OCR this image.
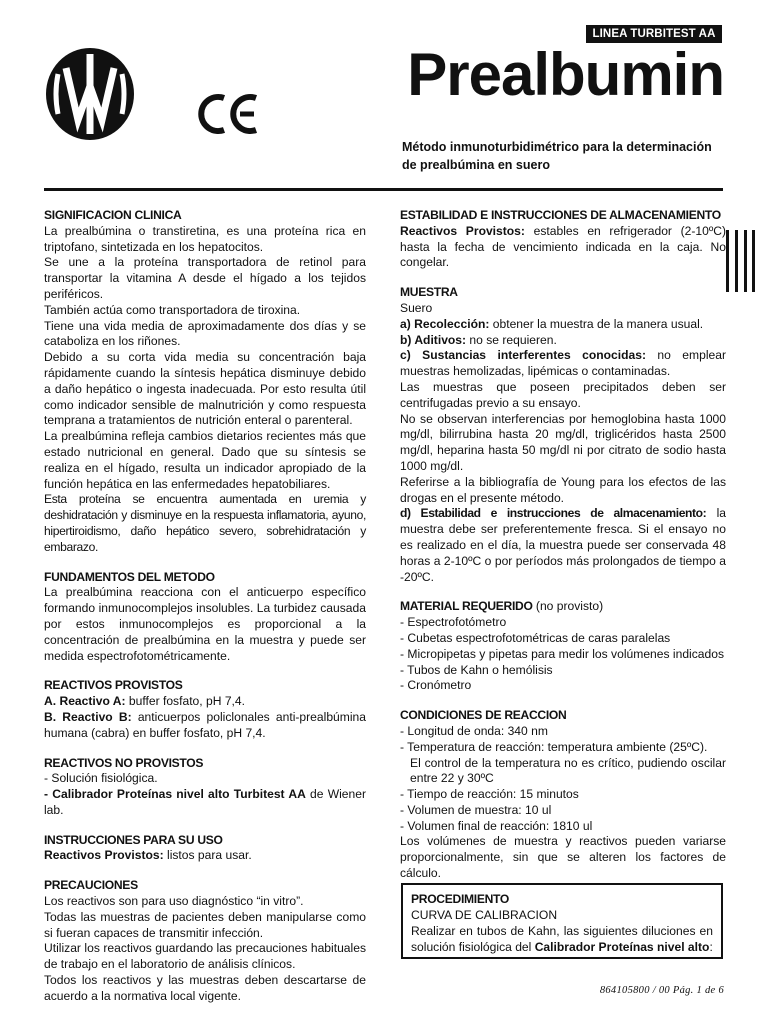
LINEA TURBITEST AA
Prealbumin
Método inmunoturbidimétrico para la determinación de prealbúmina en suero
SIGNIFICACION CLINICA
La prealbúmina o transtiretina, es una proteína rica en triptofano, sintetizada en los hepatocitos.
Se une a la proteína transportadora de retinol para transportar la vitamina A desde el hígado a los tejidos periféricos.
También actúa como transportadora de tiroxina.
Tiene una vida media de aproximadamente dos días y se cataboliza en los riñones.
Debido a su corta vida media su concentración baja rápidamente cuando la síntesis hepática disminuye debido a daño hepático o ingesta inadecuada. Por esto resulta útil como indicador sensible de malnutrición y como respuesta temprana a tratamientos de nutrición enteral o parenteral.
La prealbúmina refleja cambios dietarios recientes más que estado nutricional en general. Dado que su síntesis se realiza en el hígado, resulta un indicador apropiado de la función hepática en las enfermedades hepatobiliares.
Esta proteína se encuentra aumentada en uremia y deshidratación y disminuye en la respuesta inflamatoria, ayuno, hipertiroidismo, daño hepático severo, sobrehidratación y embarazo.
FUNDAMENTOS DEL METODO
La prealbúmina reacciona con el anticuerpo específico formando inmunocomplejos insolubles. La turbidez causada por estos inmunocomplejos es proporcional a la concentración de prealbúmina en la muestra y puede ser medida espectrofotométricamente.
REACTIVOS PROVISTOS
A. Reactivo A: buffer fosfato, pH 7,4.
B. Reactivo B: anticuerpos policlonales anti-prealbúmina humana (cabra) en buffer fosfato, pH 7,4.
REACTIVOS NO PROVISTOS
- Solución fisiológica.
- Calibrador Proteínas nivel alto Turbitest AA de Wiener lab.
INSTRUCCIONES PARA SU USO
Reactivos Provistos: listos para usar.
PRECAUCIONES
Los reactivos son para uso diagnóstico “in vitro”.
Todas las muestras de pacientes deben manipularse como si fueran capaces de transmitir infección.
Utilizar los reactivos guardando las precauciones habituales de trabajo en el laboratorio de análisis clínicos.
Todos los reactivos y las muestras deben descartarse de acuerdo a la normativa local vigente.
ESTABILIDAD E INSTRUCCIONES DE ALMACENAMIENTO
Reactivos Provistos: estables en refrigerador (2-10ºC) hasta la fecha de vencimiento indicada en la caja. No congelar.
MUESTRA
Suero
a) Recolección: obtener la muestra de la manera usual.
b) Aditivos: no se requieren.
c) Sustancias interferentes conocidas: no emplear muestras hemolizadas, lipémicas o contaminadas.
Las muestras que poseen precipitados deben ser centrifugadas previo a su ensayo.
No se observan interferencias por hemoglobina hasta 1000 mg/dl, bilirrubina hasta 20 mg/dl, triglicéridos hasta 2500 mg/dl, heparina hasta 50 mg/dl ni por citrato de sodio hasta 1000 mg/dl.
Referirse a la bibliografía de Young para los efectos de las drogas en el presente método.
d) Estabilidad e instrucciones de almacenamiento: la muestra debe ser preferentemente fresca. Si el ensayo no es realizado en el día, la muestra puede ser conservada 48 horas a 2-10ºC o por períodos más prolongados de tiempo a -20ºC.
MATERIAL REQUERIDO (no provisto)
- Espectrofotómetro
- Cubetas espectrofotométricas de caras paralelas
- Micropipetas y pipetas para medir los volúmenes indicados
- Tubos de Kahn o hemólisis
- Cronómetro
CONDICIONES DE REACCION
- Longitud de onda: 340 nm
- Temperatura de reacción: temperatura ambiente (25ºC).
El control de la temperatura no es crítico, pudiendo oscilar entre 22 y 30ºC
- Tiempo de reacción: 15 minutos
- Volumen de muestra: 10 ul
- Volumen final de reacción: 1810 ul
Los volúmenes de muestra y reactivos pueden variarse proporcionalmente, sin que se alteren los factores de cálculo.
PROCEDIMIENTO
CURVA DE CALIBRACION
Realizar en tubos de Kahn, las siguientes diluciones en solución fisiológica del Calibrador Proteínas nivel alto:
864105800 / 00 Pág. 1 de 6
